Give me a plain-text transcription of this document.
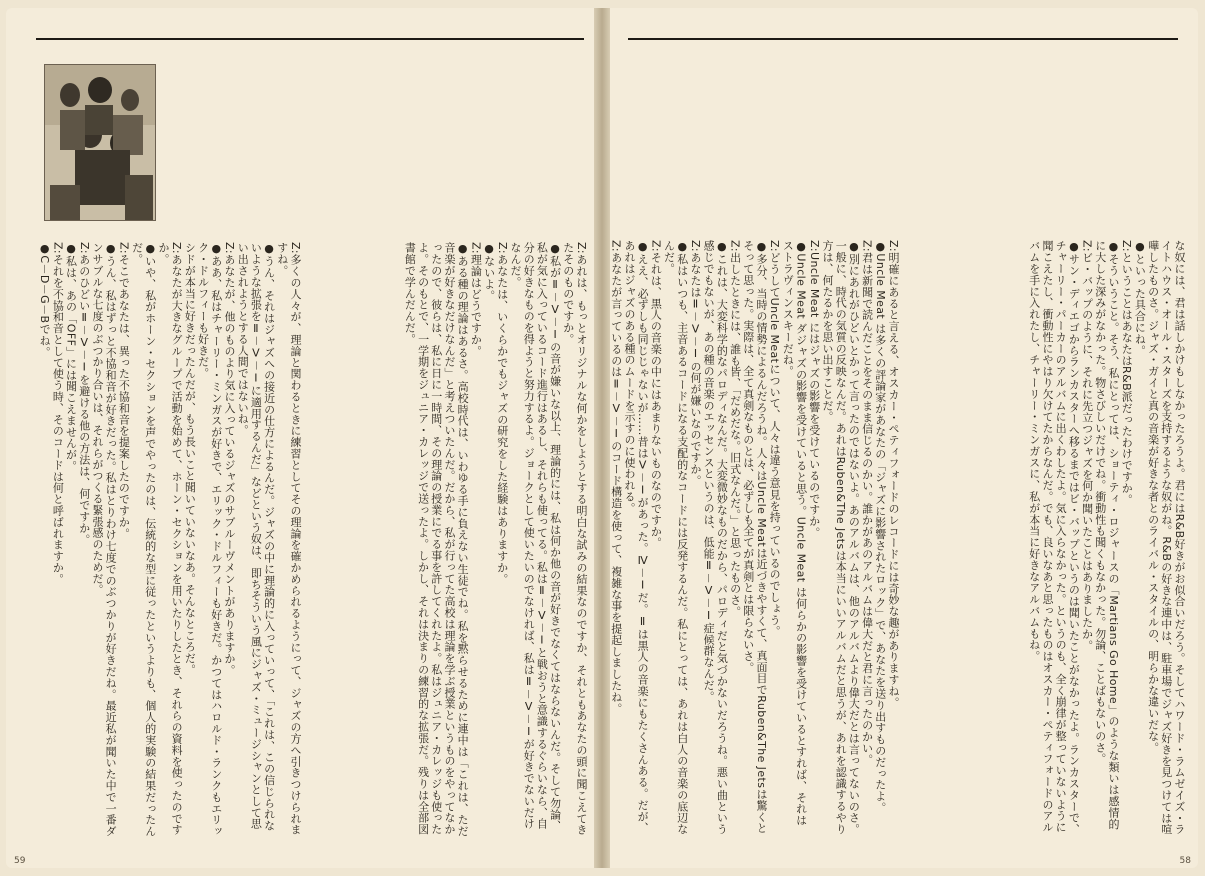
Z:あれは、もっとオリジナルな何かをしようとする明白な試みの結果なのですか、それともあなたの頭に聞こえてきたそのものですか。

●私がⅡ－Ⅴ－Ⅰの音が嫌いな以上、理論的には、私は何か他の音が好きでなくてはならないんだ。そして勿論、私が気に入っているコード進行はあるし、それらも使ってる。私はⅡ－Ⅴ－Ⅰと戦おうと意識するぐらいなら、自分の好きなものを得ようと努力するよ。ジョークとして使いたいのでなければ、私はⅡ－Ⅴ－Ⅰが好きでないだけなんだ。

Z:あなたは、いくらかでもジャズの研究をした経験はありますか。

●ないよ。

Z:理論はどうですか。

●ある種の理論はあるさ。高校時代は、いわゆる手に負えない生徒でね。私を黙らせるために連中は「これは、ただ音楽が好きなだけなんだ」と考えついたんだ。だから、私が行ってた高校は理論を学ぶ授業というものをやってなかったので、彼らは、私に日に一時間、その理論の授業にでる事を許してくれたよ。私はジュニア・カレッジも使ったよ。そのもとで、一学期をジュニア・カレッジで送ったよ。しかし、それは決まりの練習的な拡張だ。残りは全部図書館で学んだんだ。

Z:多くの人々が、理論と関わるときに練習としてその理論を確かめられるようにって、ジャズの方へ引きつけられますね。

●うん、それはジャズへの接近の仕方によるんだ。ジャズの中に理論的に入っていって、「これは、この信じられないような拡張をⅡ－Ⅴ－Ⅰに適用するんだ」などという奴は、即ちそういう風にジャズ・ミュージシャンとして思い出されようとする人間ではないね。

Z:あなたが、他のものより気に入っているジャズのサブルーヴメントがありますか。

●ああ、私はチャーリー・ミンガスが好きで、エリック・ドルフィーも好きだ。かつてはハロルド・ランクもエリック・ドルフィーも好きだ。

シドが本当に好きだったんだが、もう長いこと聞いていないなあ。そんなところだ。

Z:あなたが大きなグループで活動を始めて、ホーン・セクションを用いたりしたとき、それらの資料を使ったのですか。

●いや、私がホーン・セクションを声でやったのは、伝統的な型に従ったというよりも、個人的実験の結果だったんだ。

Z:そこであなたは、異った不協和音を提案したのですか。

●うん、私はずっと不協和音が好きだった。私はとりわけ七度でのぶつかりが好きだね。最近私が聞いた中で一番ダンサブルな七度のぶつかり合いは、それらがつくる緊張感のためだ。

Z:あのひどいⅡ－Ⅴ－Ⅰを避ける他の方法は、何ですか。

●私は、あの「OFF」には聞こえませんが。

Z:それを不協和音として使う時、そのコードは何と呼ばれますか。

●C－D－G－Bでね。	な奴には、君は話しかけもしなかったろうよ。君にはR&B好きがお似合いだろう。そしてハワード・ラムゼイズ・ライトハウス・オール・スターズを支持するような奴がね。R&Bの好きな連中は、駐車場でジャズ好きを見つけては喧嘩したものさ。ジャズ・ガイと真の音楽が好きな者とのライバル・スタイルの、明らかな違いだな。

●といった具合にね。

Z:ということはあなたはR&B派だったわけですか。

●そういうこと。そう、私にとっては、ショーティ・ロジャースの「Martians Go Home」のような類いは感情的に大した深みがなかった。物さびしいだけでね。衝動性も聞くもなかった。勿論、ことばもないのさ。

Z:ビ・バップのように、それに先立つジャズを何か聞いたことはありましたか。

●サン・ディエゴからランカスターへ移るまではビ・バップというのは聞いたことがなかったよ。ランカスターで、チャーリー・パーカーのアルバムに出くわしたよ。気に入らなかった。というのも、全く崩律が整っていないように聞こえたし、衝動性にやはり欠けてたからなんだ。でも、良いなあと思ったものはオスカー・ペティフォードのアルバムを手に入れたし、チャーリー・ミンガスに、私が本当に好きなアルバムもね。

Z:明確にあると言える、オスカー・ペティフォードのレコードには奇妙な趣がありますね。

●Uncle Meat は多くの評論家があなたの「ジャズに影響されたロック」で、あなたを送り出すものだったよ。

Z:君は新聞で読んだことをそのまま信じるのかい。誰かがあのアルバムは偉大だと君に言ったのかい。

●別にあれがひどいとかって言ったのではないよ。あのアルバムは、他のアルバムより偉大だとは言ってないのさ。一般に、時代の気質の反映なんだ。あれはRuben&The Jetsは本当にいいアルバムだと思うが、あれを認識するやり方は、何たるかを思い出すことだ。

Z:Uncle Meat にはジャズの影響を受けているのですか。

●Uncle Meat ダジャズの影響を受けていると思う。Uncle Meat は何らかの影響を受けているとすれば、それはストラヴィンスキーだね。

Z:どうしてUncle Meatについて、人々は違う意見を持っているのでしょう。

●多分、当時の情勢によるんだろうね。人々はUncle Meatは近づきやすくて、真面目でRuben&The Jetsは驚くとそって思った。実際は、全て真剣なものとは、必ずしも全てが真剣とは限らないさ。

Z:出したときには、誰も皆、「だめだな。旧式なんだ。」と思ったものさ。

●これは、大変科学的なパロディなんだ。大変微妙なものだから、パロディだと気づかないだろうね。悪い曲という感じでもないが、あの種の音楽のエッセンスというのは、低能Ⅱ－Ⅴ－Ⅰ症候群なんだ。

Z:あなたはⅡ－Ⅴ－Ⅰの何が嫌いなのですか。

●私はいつも、主音あるコードになる支配的なコードには反発するんだ。私にとっては、あれは白人の音楽の底辺なんだ。

Z:それは、黒人の音楽の中にはあまりないものなのですか。

●ええ、必ずしも同じじゃないが……昔はⅤ－Ⅰがあった。Ⅳ－Ⅰだ。Ⅱは黒人の音楽にもたくさんある。だが、あれはジャズのある種のムードを示すのに使われる。

Z:あなたが言っているのはⅡ－Ⅴ－Ⅰのコード構造を使って、複雑な事を提起しましたね。

59	58
